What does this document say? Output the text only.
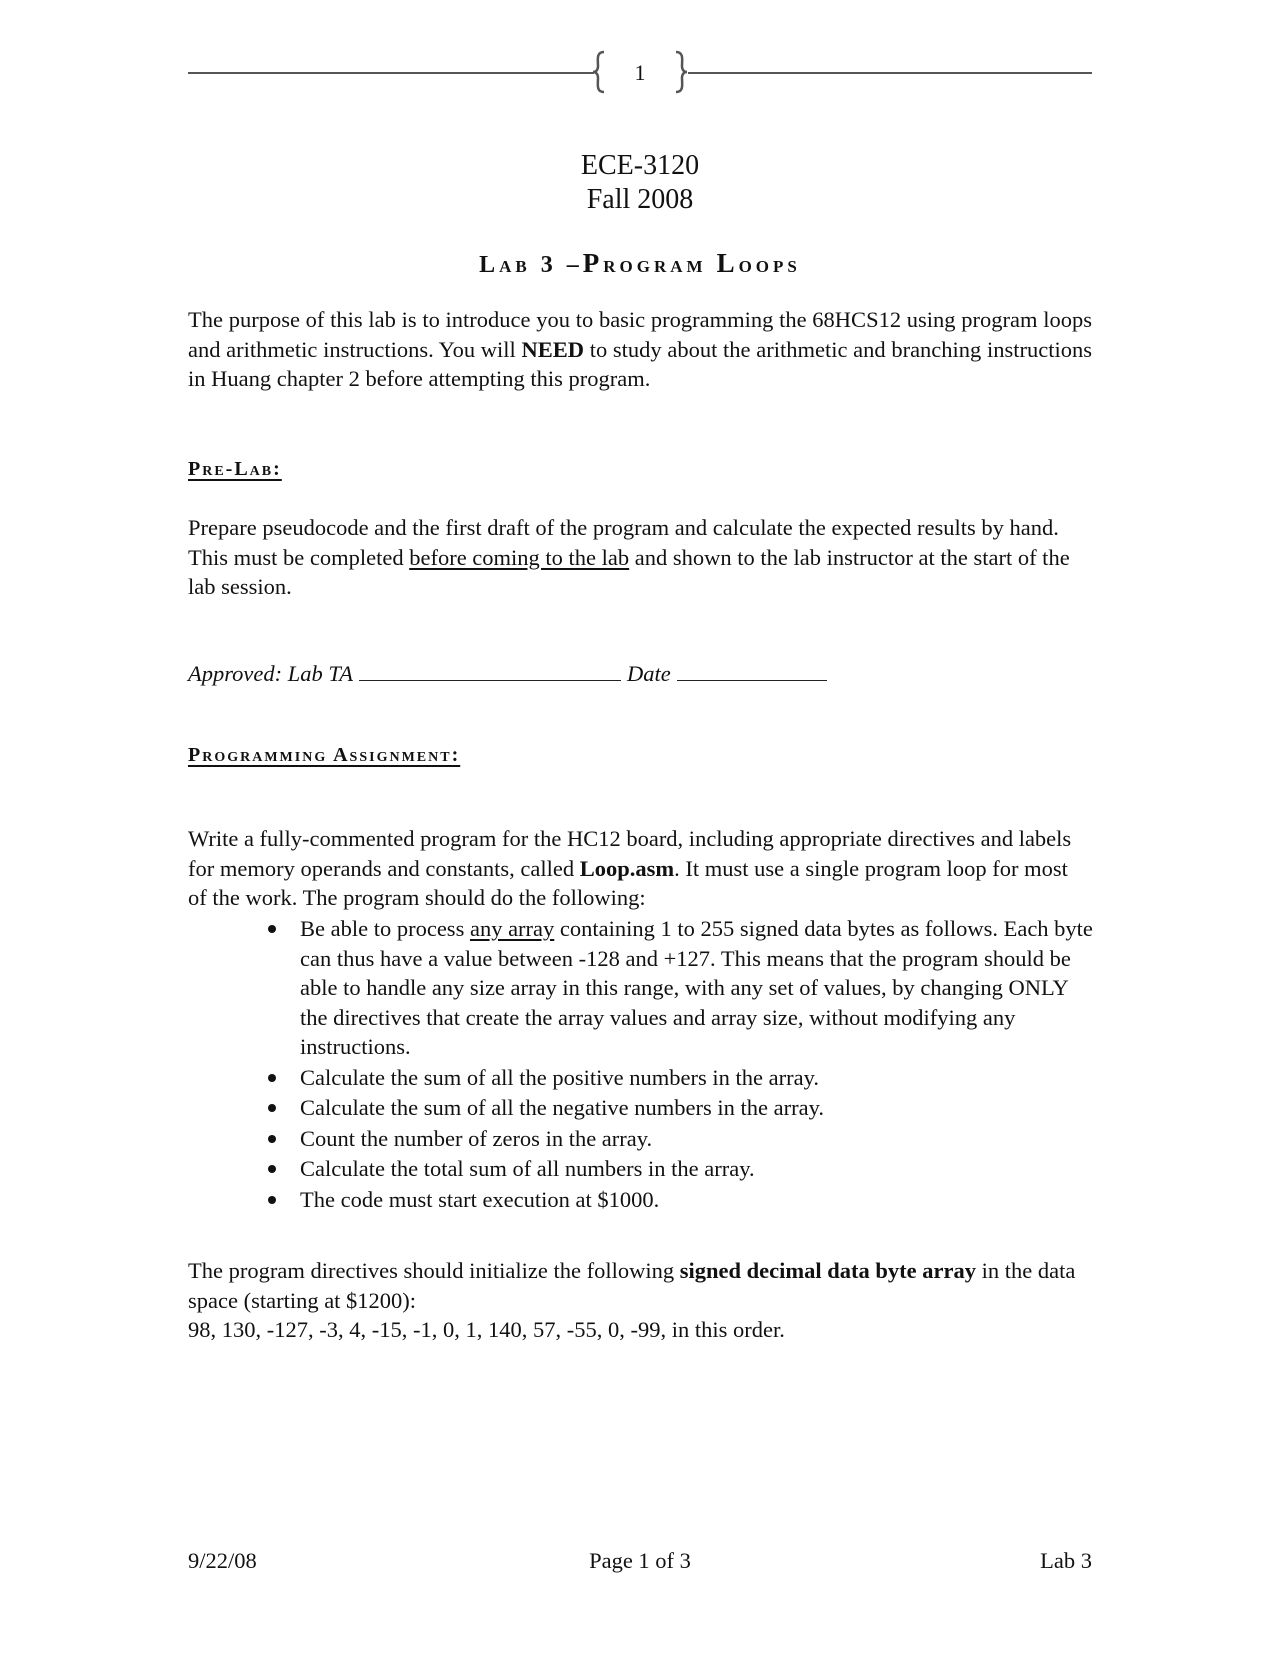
1
ECE-3120
Fall 2008
Lab 3 –Program Loops
The purpose of this lab is to introduce you to basic programming the 68HCS12 using program loops and arithmetic instructions. You will NEED to study about the arithmetic and branching instructions in Huang chapter 2 before attempting this program.
Pre-Lab:
Prepare pseudocode and the first draft of the program and calculate the expected results by hand. This must be completed before coming to the lab and shown to the lab instructor at the start of the lab session.
Approved: Lab TA	Date
Programming Assignment:
Write a fully-commented program for the HC12 board, including appropriate directives and labels for memory operands and constants, called Loop.asm. It must use a single program loop for most of the work. The program should do the following:
Be able to process any array containing 1 to 255 signed data bytes as follows. Each byte can thus have a value between -128 and +127. This means that the program should be able to handle any size array in this range, with any set of values, by changing ONLY the directives that create the array values and array size, without modifying any instructions.
Calculate the sum of all the positive numbers in the array.
Calculate the sum of all the negative numbers in the array.
Count the number of zeros in the array.
Calculate the total sum of all numbers in the array.
The code must start execution at $1000.
The program directives should initialize the following signed decimal data byte array in the data space (starting at $1200):
98, 130, -127, -3, 4, -15, -1, 0, 1, 140, 57, -55, 0, -99, in this order.
9/22/08	Page 1 of 3	Lab 3
